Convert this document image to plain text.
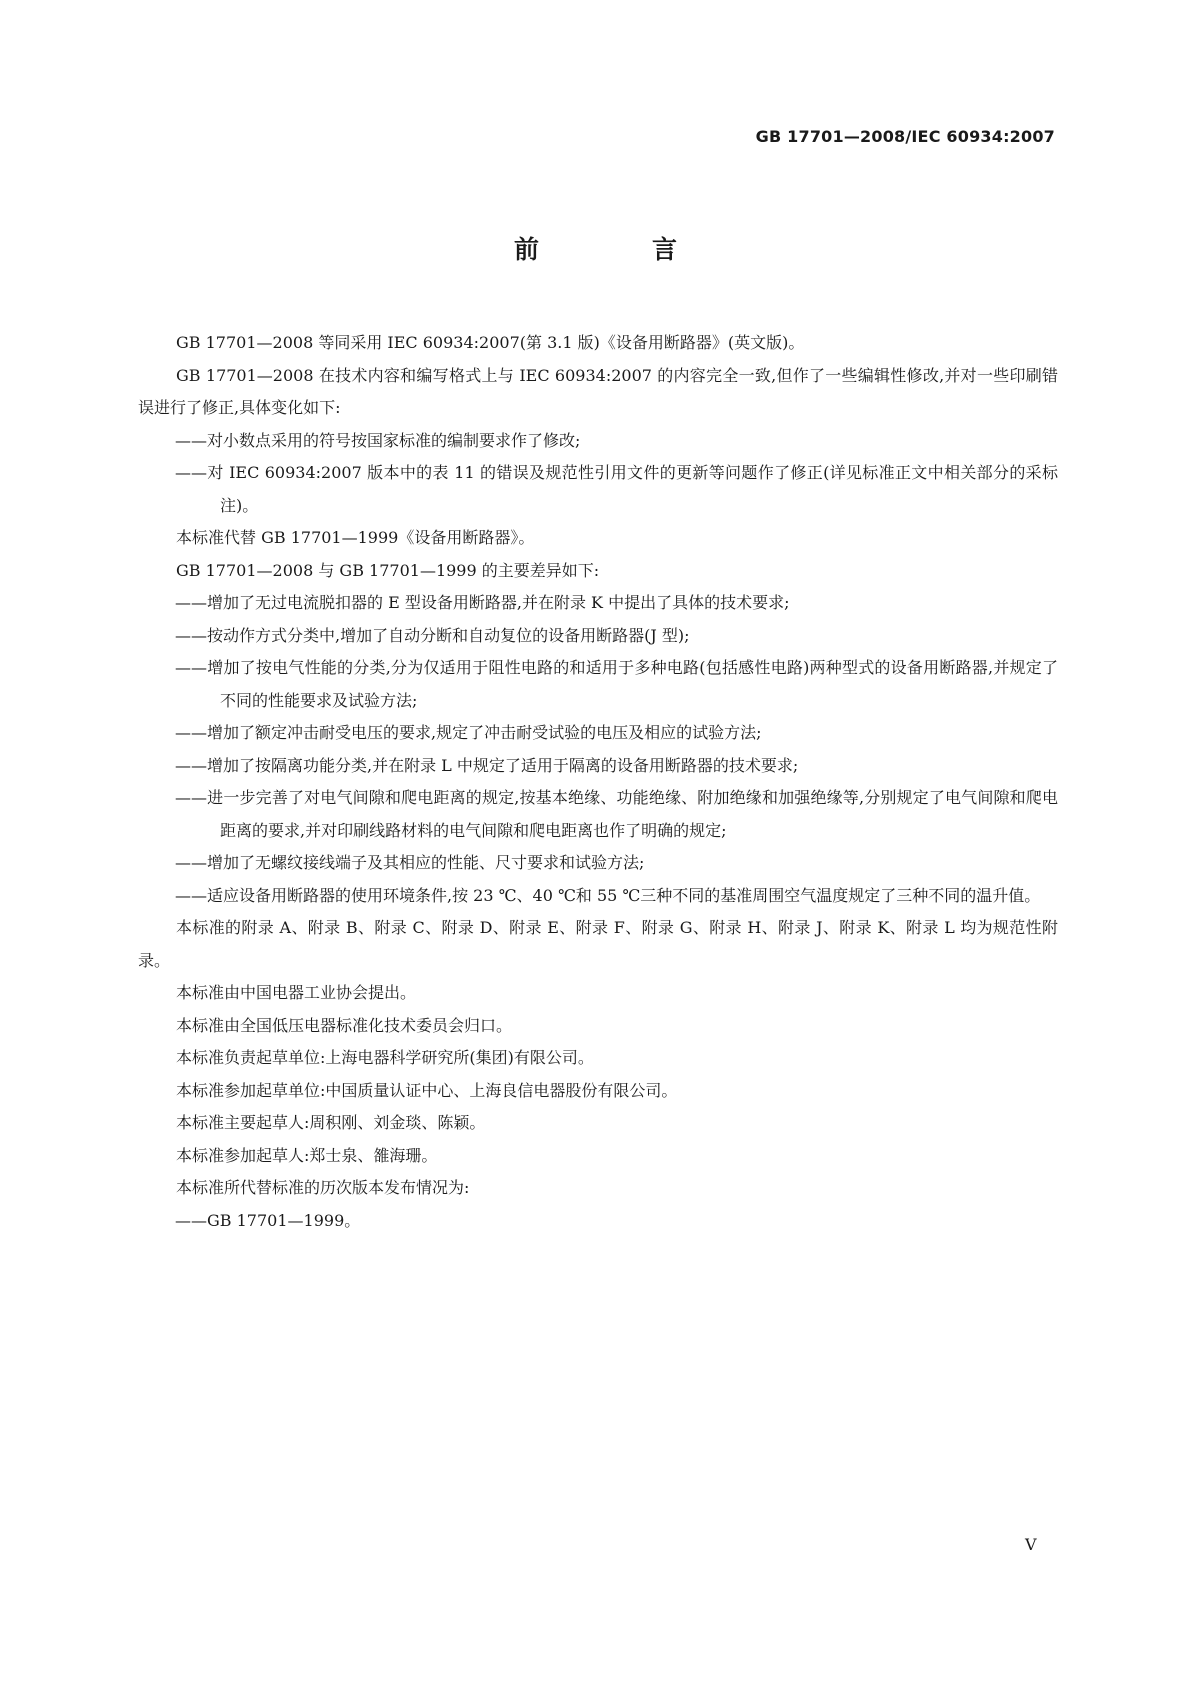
GB 17701—2008/IEC 60934:2007
前　言

GB 17701—2008 等同采用 IEC 60934:2007(第 3.1 版)《设备用断路器》(英文版)。

GB 17701—2008 在技术内容和编写格式上与 IEC 60934:2007 的内容完全一致,但作了一些编辑性修改,并对一些印刷错误进行了修正,具体变化如下:

——对小数点采用的符号按国家标准的编制要求作了修改;

——对 IEC 60934:2007 版本中的表 11 的错误及规范性引用文件的更新等问题作了修正(详见标准正文中相关部分的采标注)。

本标准代替 GB 17701—1999《设备用断路器》。

GB 17701—2008 与 GB 17701—1999 的主要差异如下:

——增加了无过电流脱扣器的 E 型设备用断路器,并在附录 K 中提出了具体的技术要求;

——按动作方式分类中,增加了自动分断和自动复位的设备用断路器(J 型);

——增加了按电气性能的分类,分为仅适用于阻性电路的和适用于多种电路(包括感性电路)两种型式的设备用断路器,并规定了不同的性能要求及试验方法;

——增加了额定冲击耐受电压的要求,规定了冲击耐受试验的电压及相应的试验方法;

——增加了按隔离功能分类,并在附录 L 中规定了适用于隔离的设备用断路器的技术要求;

——进一步完善了对电气间隙和爬电距离的规定,按基本绝缘、功能绝缘、附加绝缘和加强绝缘等,分别规定了电气间隙和爬电距离的要求,并对印刷线路材料的电气间隙和爬电距离也作了明确的规定;

——增加了无螺纹接线端子及其相应的性能、尺寸要求和试验方法;

——适应设备用断路器的使用环境条件,按 23 ℃、40 ℃和 55 ℃三种不同的基准周围空气温度规定了三种不同的温升值。

本标准的附录 A、附录 B、附录 C、附录 D、附录 E、附录 F、附录 G、附录 H、附录 J、附录 K、附录 L 均为规范性附录。

本标准由中国电器工业协会提出。

本标准由全国低压电器标准化技术委员会归口。

本标准负责起草单位:上海电器科学研究所(集团)有限公司。

本标准参加起草单位:中国质量认证中心、上海良信电器股份有限公司。

本标准主要起草人:周积刚、刘金琰、陈颖。

本标准参加起草人:郑士泉、雒海珊。

本标准所代替标准的历次版本发布情况为:

——GB 17701—1999。

Ⅴ
